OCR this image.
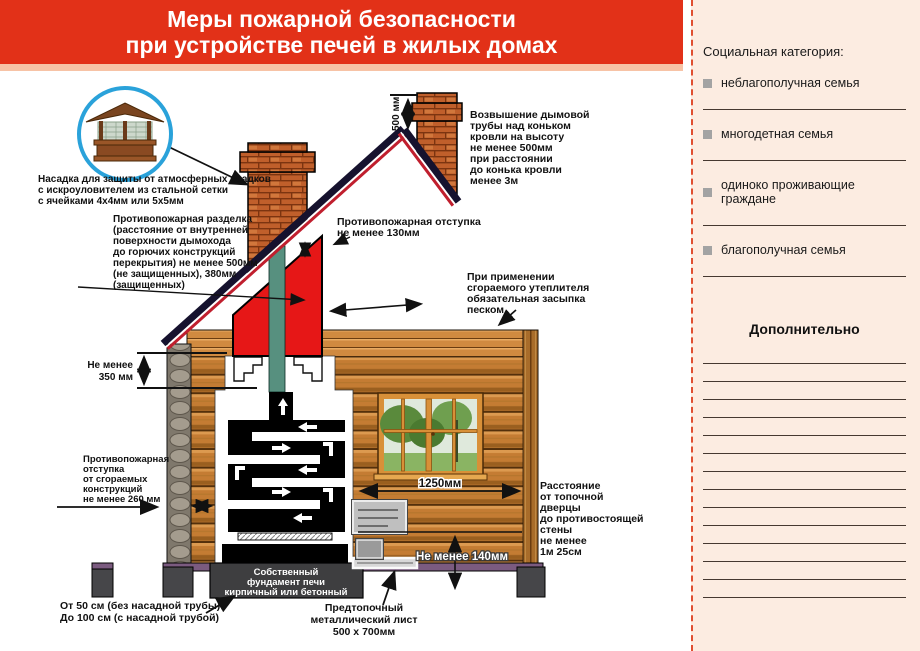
Меры пожарной безопасности
при устройстве печей в жилых домах
Собственный
фундамент печи
кирпичный или бетонный
Насадка для защиты от атмосферных осадков
с искроуловителем из стальной сетки
с ячейками 4x4мм или 5x5мм
Противопожарная разделка
(расстояние от внутренней
поверхности дымохода
до горючих конструкций
перекрытия) не менее 500мм
(не защищенных), 380мм
(защищенных)
Возвышение дымовой
трубы над коньком
кровли на высоту
не менее 500мм
при расстоянии
до конька кровли
менее 3м
Противопожарная отступка
не менее 130мм
При применении
сгораемого утеплителя
обязательная засыпка
песком
500 мм
Не менее
350 мм
Противопожарная
отступка
от сгораемых
конструкций
не менее 260 мм
1250мм	Расстояние
от топочной
дверцы
до противостоящей
стены
не менее
1м 25см
Не менее 140мм
От 50 см (без насадной трубы)
До 100 см (с насадной трубой)
Предтопочный
металлический лист
500 x 700мм
Социальная категория:
неблагополучная семья
многодетная семья
одиноко проживающие граждане
благополучная семья
Дополнительно
